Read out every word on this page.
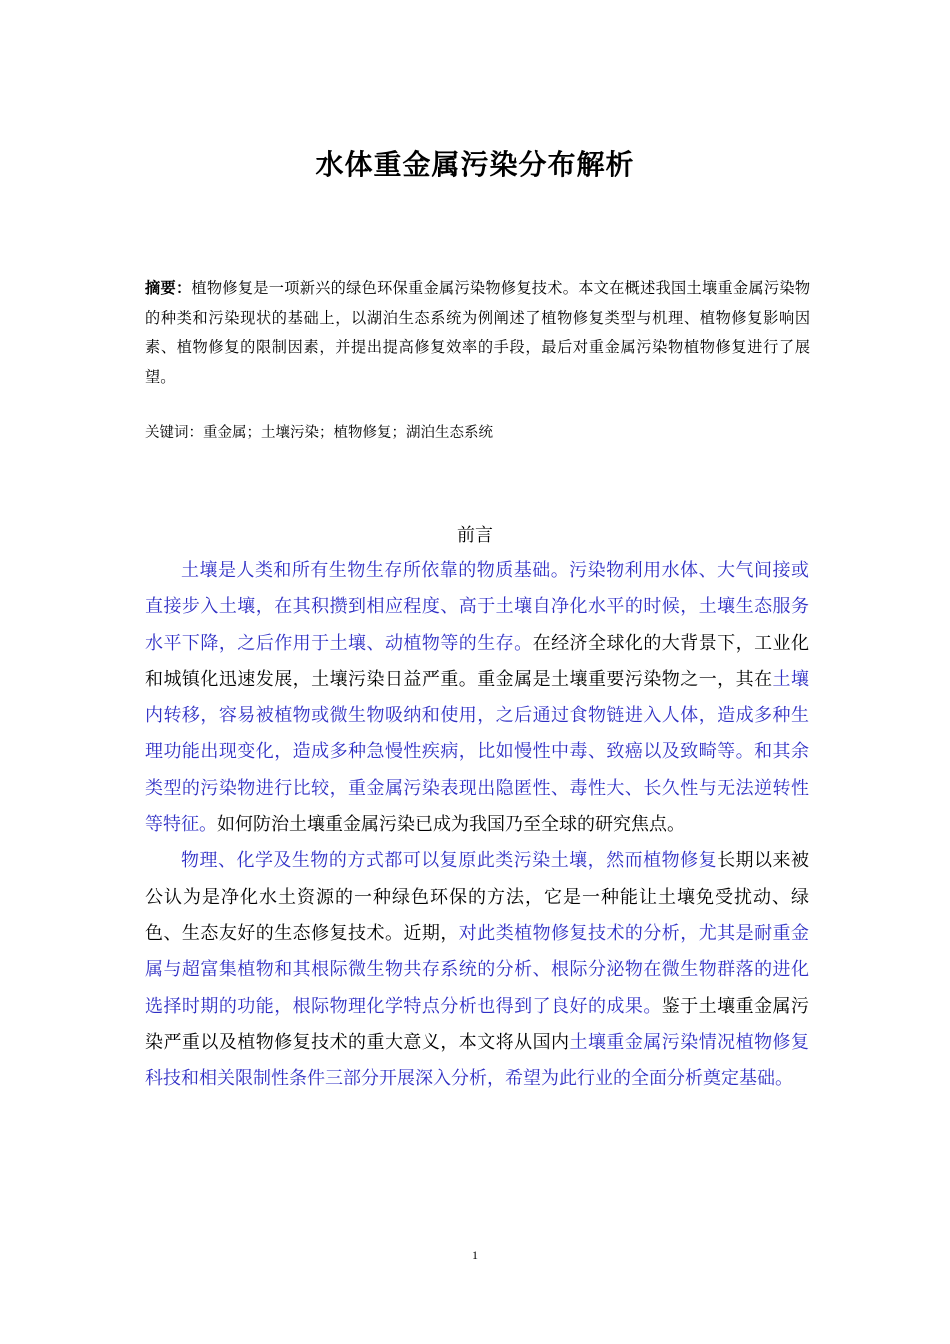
水体重金属污染分布解析
摘要：植物修复是一项新兴的绿色环保重金属污染物修复技术。本文在概述我国土壤重金属污染物的种类和污染现状的基础上，以湖泊生态系统为例阐述了植物修复类型与机理、植物修复影响因素、植物修复的限制因素，并提出提高修复效率的手段，最后对重金属污染物植物修复进行了展望。
关键词：重金属；土壤污染；植物修复；湖泊生态系统
前言

土壤是人类和所有生物生存所依靠的物质基础。污染物利用水体、大气间接或直接步入土壤，在其积攒到相应程度、高于土壤自净化水平的时候，土壤生态服务水平下降，之后作用于土壤、动植物等的生存。在经济全球化的大背景下，工业化和城镇化迅速发展，土壤污染日益严重。重金属是土壤重要污染物之一，其在土壤内转移，容易被植物或微生物吸纳和使用，之后通过食物链进入人体，造成多种生理功能出现变化，造成多种急慢性疾病，比如慢性中毒、致癌以及致畸等。和其余类型的污染物进行比较，重金属污染表现出隐匿性、毒性大、长久性与无法逆转性等特征。如何防治土壤重金属污染已成为我国乃至全球的研究焦点。

物理、化学及生物的方式都可以复原此类污染土壤，然而植物修复长期以来被公认为是净化水土资源的一种绿色环保的方法，它是一种能让土壤免受扰动、绿色、生态友好的生态修复技术。近期，对此类植物修复技术的分析，尤其是耐重金属与超富集植物和其根际微生物共存系统的分析、根际分泌物在微生物群落的进化选择时期的功能，根际物理化学特点分析也得到了良好的成果。鉴于土壤重金属污染严重以及植物修复技术的重大意义，本文将从国内土壤重金属污染情况植物修复科技和相关限制性条件三部分开展深入分析，希望为此行业的全面分析奠定基础。

1
